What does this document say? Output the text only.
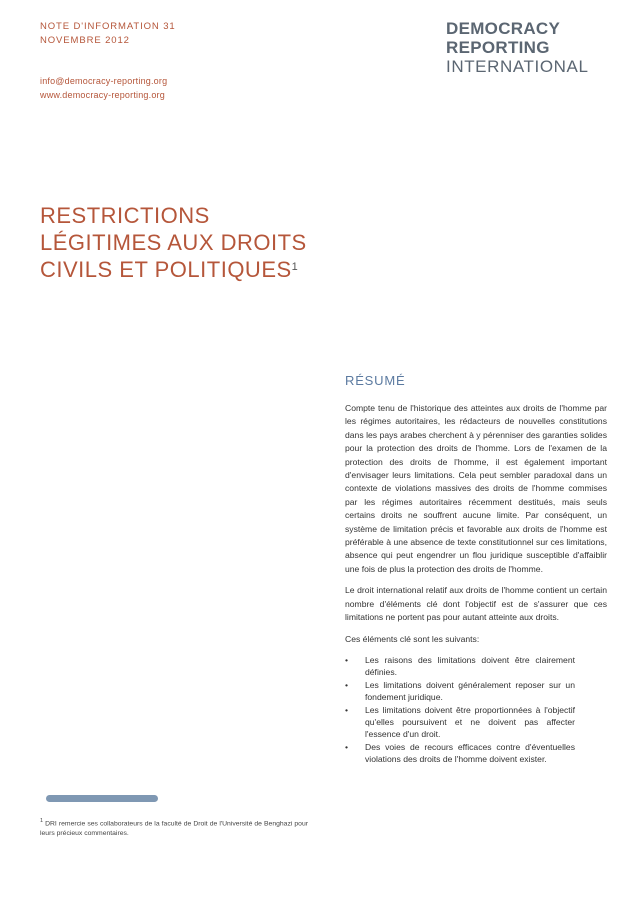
NOTE D'INFORMATION 31
NOVEMBRE 2012
info@democracy-reporting.org
www.democracy-reporting.org
DEMOCRACY
REPORTING
INTERNATIONAL
RESTRICTIONS
LÉGITIMES AUX DROITS
CIVILS ET POLITIQUES$^1$
RÉSUMÉ

Compte tenu de l'historique des atteintes aux droits de l'homme par les régimes autoritaires, les rédacteurs de nouvelles constitutions dans les pays arabes cherchent à y pérenniser des garanties solides pour la protection des droits de l'homme. Lors de l'examen de la protection des droits de l'homme, il est également important d'envisager leurs limitations. Cela peut sembler paradoxal dans un contexte de violations massives des droits de l'homme commises par les régimes autoritaires récemment destitués, mais seuls certains droits ne souffrent aucune limite. Par conséquent, un système de limitation précis et favorable aux droits de l'homme est préférable à une absence de texte constitutionnel sur ces limitations, absence qui peut engendrer un flou juridique susceptible d'affaiblir une fois de plus la protection des droits de l'homme.

Le droit international relatif aux droits de l'homme contient un certain nombre d'éléments clé dont l'objectif est de s'assurer que ces limitations ne portent pas pour autant atteinte aux droits.

Ces éléments clé sont les suivants:

• Les raisons des limitations doivent être clairement définies.
• Les limitations doivent généralement reposer sur un fondement juridique.
• Les limitations doivent être proportionnées à l'objectif qu'elles poursuivent et ne doivent pas affecter l'essence d'un droit.
• Des voies de recours efficaces contre d'éventuelles violations des droits de l'homme doivent exister.
$^1$ DRI remercie ses collaborateurs de la faculté de Droit de l'Université de Benghazi pour leurs précieux commentaires.
